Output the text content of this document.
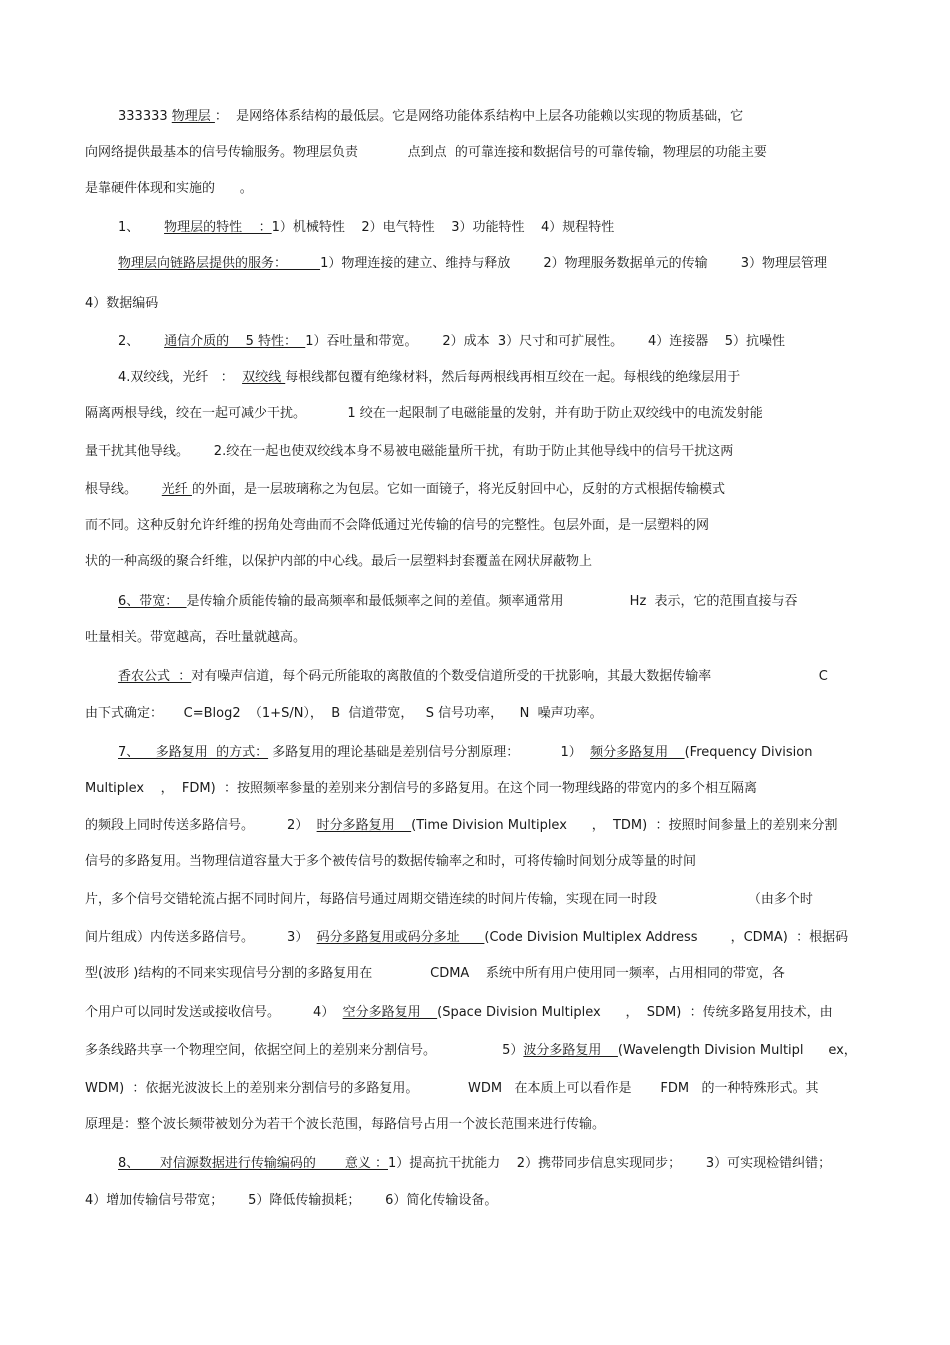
333333 物理层 ：  是网络体系结构的最低层。它是网络功能体系结构中上层各功能赖以实现的物质基础，它
向网络提供最基本的信号传输服务。物理层负责            点到点  的可靠连接和数据信号的可靠传输，物理层的功能主要
是靠硬件体现和实施的      。
1、      物理层的特性    ：1）机械特性    2）电气特性    3）功能特性    4）规程特性
物理层向链路层提供的服务：        1）物理连接的建立、维持与释放        2）物理服务数据单元的传输        3）物理层管理
4）数据编码
2、      通信介质的    5 特性：  1）吞吐量和带宽。      2）成本  3）尺寸和可扩展性。      4）连接器    5）抗噪性
4.双绞线，光纤   ：  双绞线 每根线都包覆有绝缘材料，然后每两根线再相互绞在一起。每根线的绝缘层用于
隔离两根导线，绞在一起可减少干扰。          1 绞在一起限制了电磁能量的发射，并有助于防止双绞线中的电流发射能
量干扰其他导线。      2.绞在一起也使双绞线本身不易被电磁能量所干扰，有助于防止其他导线中的信号干扰这两
根导线。      光纤 的外面，是一层玻璃称之为包层。它如一面镜子，将光反射回中心，反射的方式根据传输模式
而不同。这种反射允许纤维的拐角处弯曲而不会降低通过光传输的信号的完整性。包层外面，是一层塑料的网
状的一种高级的聚合纤维，以保护内部的中心线。最后一层塑料封套覆盖在网状屏蔽物上
6、带宽：  是传输介质能传输的最高频率和最低频率之间的差值。频率通常用                Hz  表示，它的范围直接与吞
吐量相关。带宽越高，吞吐量就越高。
香农公式  ：对有噪声信道，每个码元所能取的离散值的个数受信道所受的干扰影响，其最大数据传输率                          C
由下式确定：     C=Blog2  （1+S/N），  B  信道带宽，   S 信号功率，    N  噪声功率。
7、    多路复用  的方式： 多路复用的理论基础是差别信号分割原理：          1）  频分多路复用    (Frequency Division
Multiplex    ，  FDM)  ：按照频率参量的差别来分割信号的多路复用。在这个同一物理线路的带宽内的多个相互隔离
的频段上同时传送多路信号。        2）  时分多路复用    (Time Division Multiplex      ，  TDM)  ：按照时间参量上的差别来分割
信号的多路复用。当物理信道容量大于多个被传信号的数据传输率之和时，可将传输时间划分成等量的时间
片，多个信号交错轮流占据不同时间片，每路信号通过周期交错连续的时间片传输，实现在同一时段                      （由多个时
间片组成）内传送多路信号。        3）  码分多路复用或码分多址      (Code Division Multiplex Address        ，CDMA)  ：根据码
型(波形 )结构的不同来实现信号分割的多路复用在              CDMA    系统中所有用户使用同一频率，占用相同的带宽，各
个用户可以同时发送或接收信号。        4）  空分多路复用    (Space Division Multiplex      ，  SDM)  ：传统多路复用技术，由
多条线路共享一个物理空间，依据空间上的差别来分割信号。                5）波分多路复用    (Wavelength Division Multipl      ex，
WDM)  ：依据光波波长上的差别来分割信号的多路复用。            WDM   在本质上可以看作是       FDM   的一种特殊形式。其
原理是：整个波长频带被划分为若干个波长范围，每路信号占用一个波长范围来进行传输。
8、     对信源数据进行传输编码的       意义 ：1）提高抗干扰能力    2）携带同步信息实现同步；      3）可实现检错纠错；
4）增加传输信号带宽；      5）降低传输损耗；      6）简化传输设备。
